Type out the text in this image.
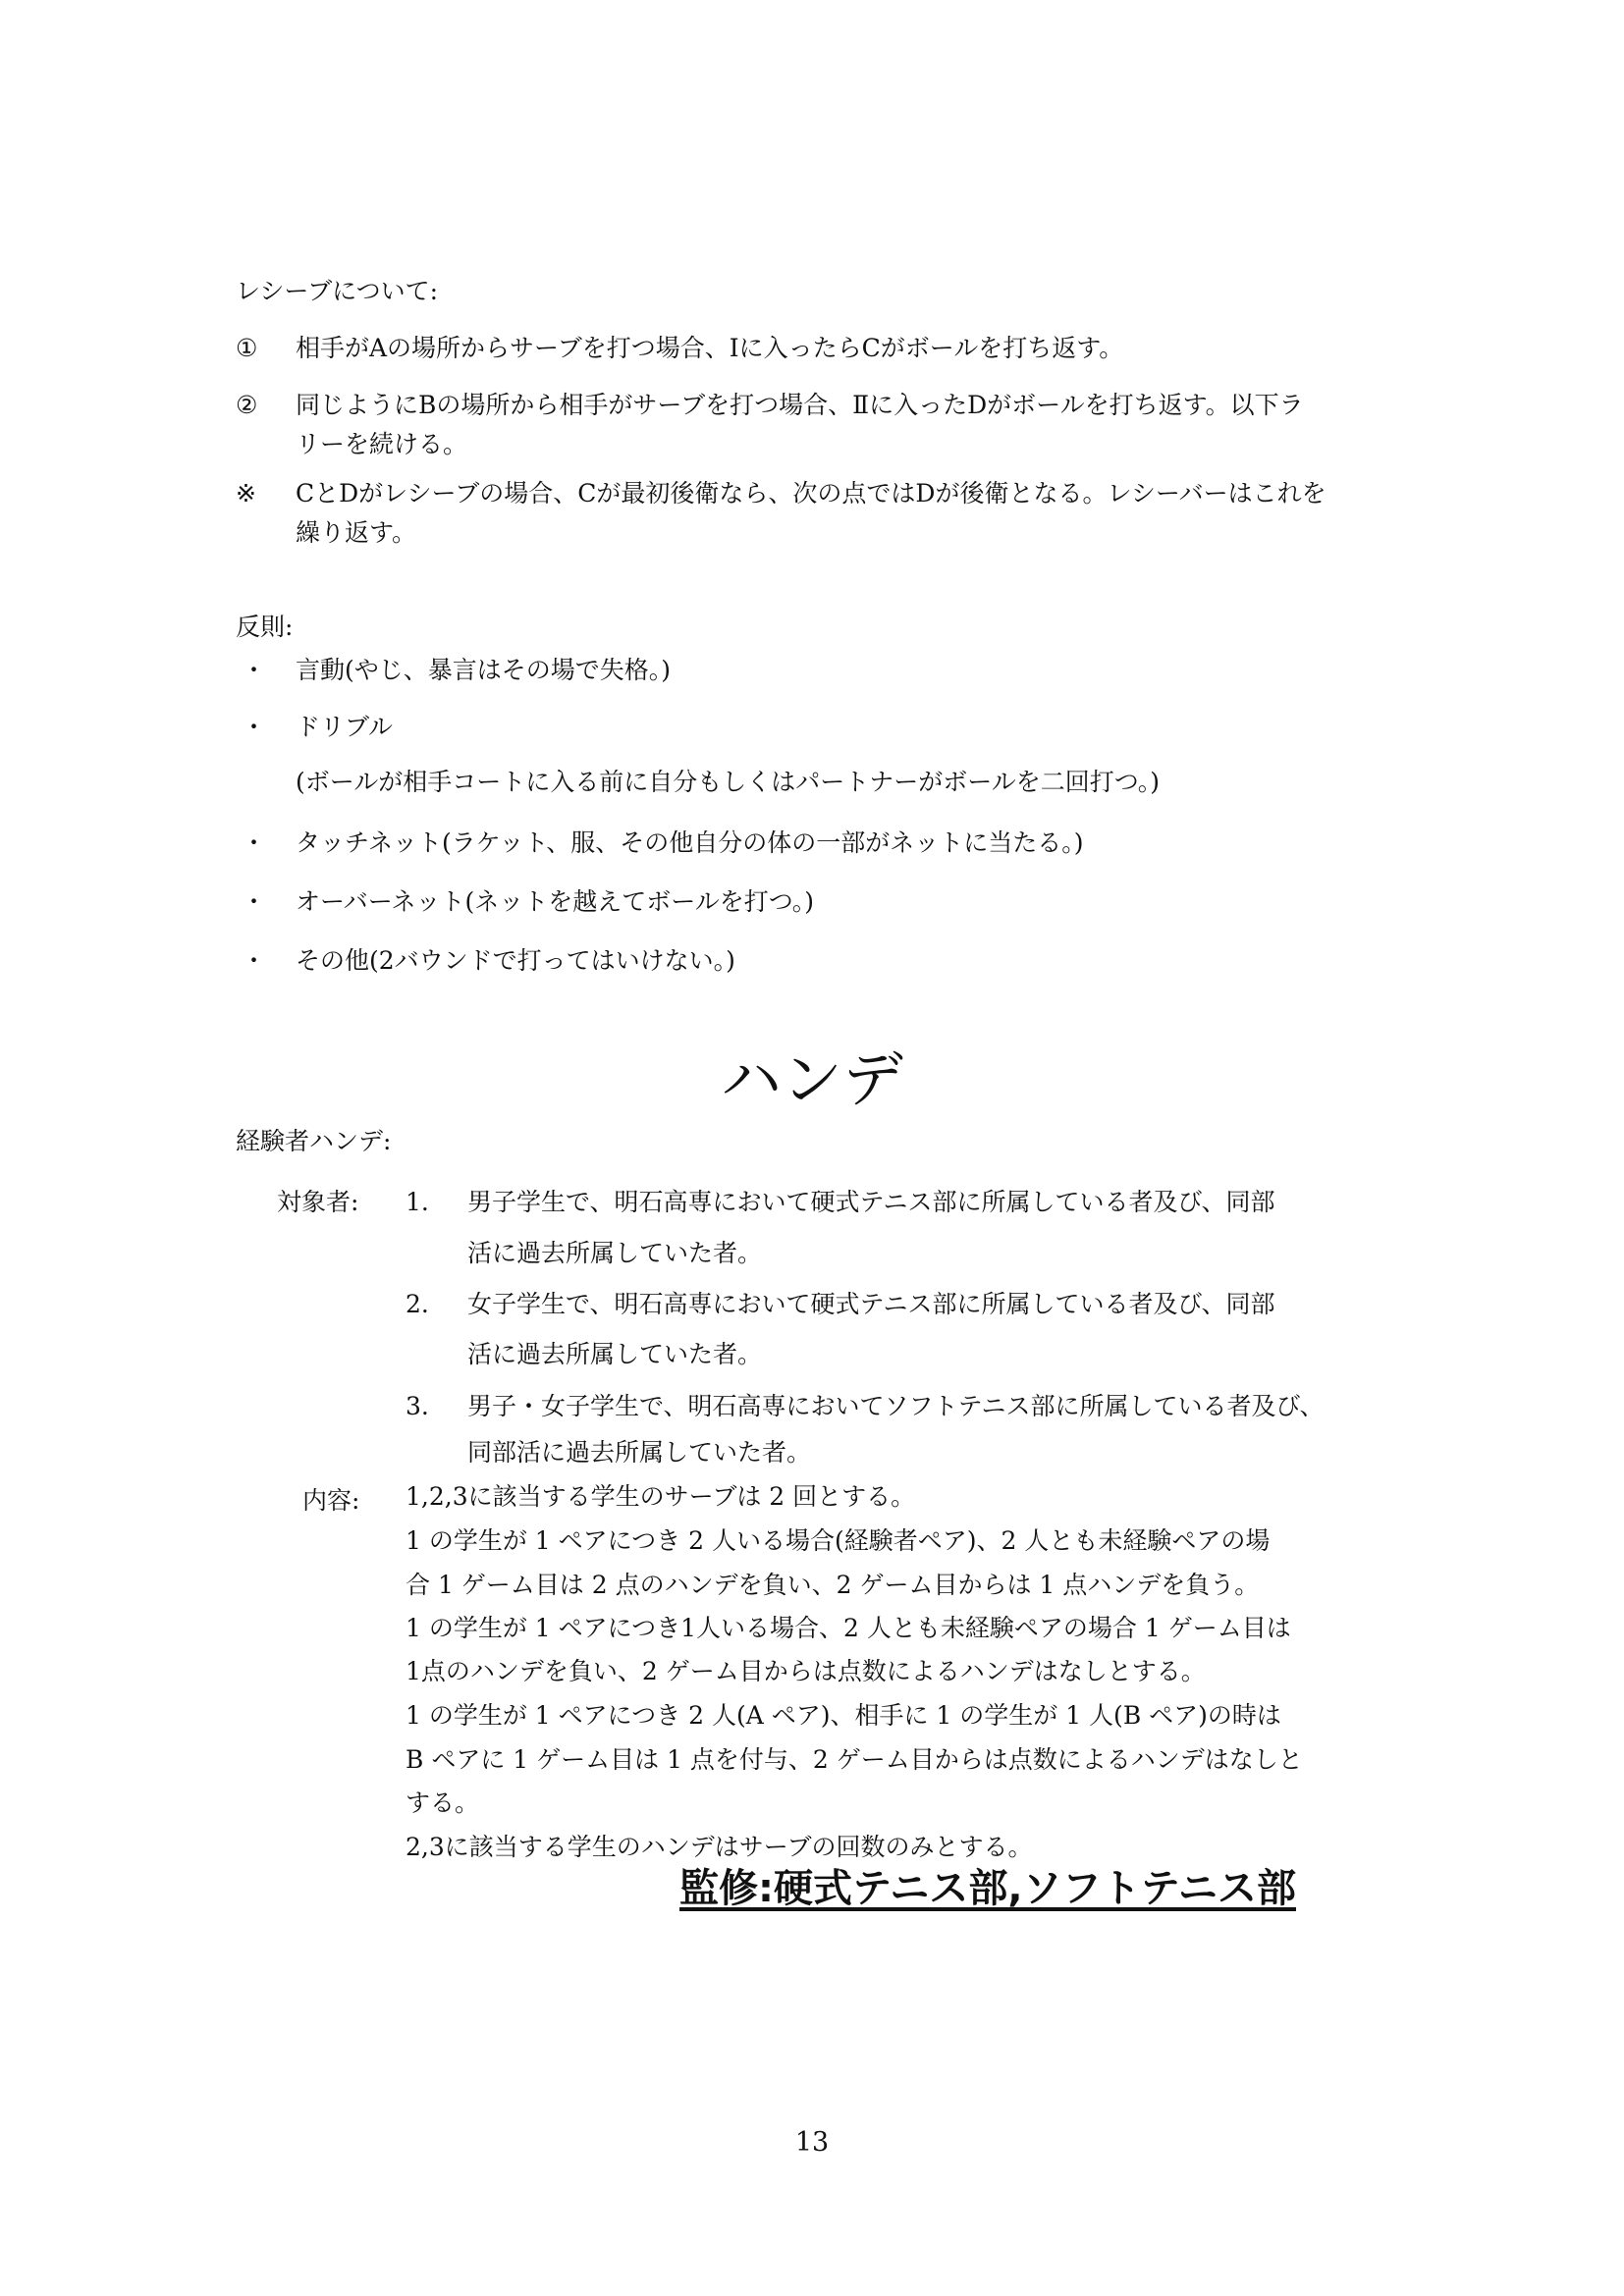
レシーブについて:
① 相手がAの場所からサーブを打つ場合、Ⅰに入ったらCがボールを打ち返す。
② 同じようにBの場所から相手がサーブを打つ場合、Ⅱに入ったDがボールを打ち返す。以下ラ
リーを続ける。
※ CとDがレシーブの場合、Cが最初後衛なら、次の点ではDが後衛となる。レシーバーはこれを
繰り返す。
反則:
・ 言動(やじ、暴言はその場で失格。)
・ ドリブル
(ボールが相手コートに入る前に自分もしくはパートナーがボールを二回打つ。)
・ タッチネット(ラケット、服、その他自分の体の一部がネットに当たる。)
・ オーバーネット(ネットを越えてボールを打つ。)
・ その他(2バウンドで打ってはいけない。)
ハンデ
経験者ハンデ:
対象者: 1. 男子学生で、明石高専において硬式テニス部に所属している者及び、同部
活に過去所属していた者。
2. 女子学生で、明石高専において硬式テニス部に所属している者及び、同部
活に過去所属していた者。
3. 男子・女子学生で、明石高専においてソフトテニス部に所属している者及び、
同部活に過去所属していた者。
内容: 1,2,3に該当する学生のサーブは 2 回とする。
1 の学生が 1 ペアにつき 2 人いる場合(経験者ペア)、2 人とも未経験ペアの場
合 1 ゲーム目は 2 点のハンデを負い、2 ゲーム目からは 1 点ハンデを負う。
1 の学生が 1 ペアにつき1人いる場合、2 人とも未経験ペアの場合 1 ゲーム目は
1点のハンデを負い、2 ゲーム目からは点数によるハンデはなしとする。
1 の学生が 1 ペアにつき 2 人(A ペア)、相手に 1 の学生が 1 人(B ペア)の時は
B ペアに 1 ゲーム目は 1 点を付与、2 ゲーム目からは点数によるハンデはなしと
する。
2,3に該当する学生のハンデはサーブの回数のみとする。
監修:硬式テニス部,ソフトテニス部
13
